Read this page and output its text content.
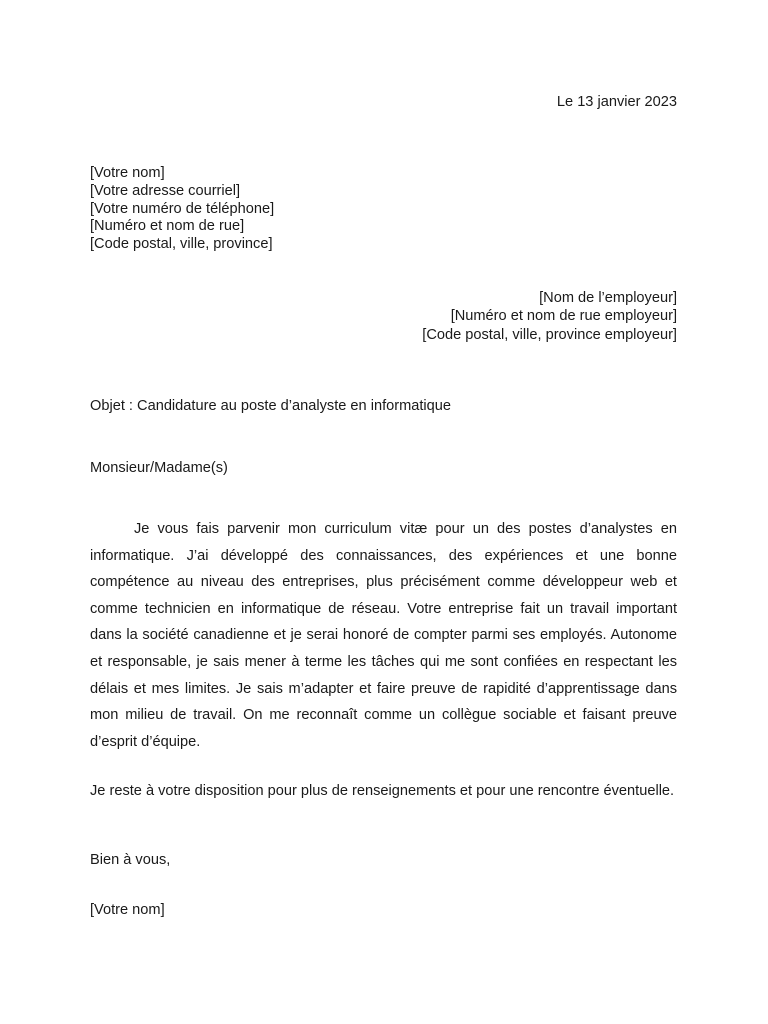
Le 13 janvier 2023
[Votre nom]
[Votre adresse courriel]
[Votre numéro de téléphone]
[Numéro et nom de rue]
[Code postal, ville, province]
[Nom de l’employeur]
[Numéro et nom de rue employeur]
[Code postal, ville, province employeur]
Objet : Candidature au poste d’analyste en informatique
Monsieur/Madame(s)

Je vous fais parvenir mon curriculum vitæ pour un des postes d’analystes en informatique. J’ai développé des connaissances, des expériences et une bonne compétence au niveau des entreprises, plus précisément comme développeur web et comme technicien en informatique de réseau. Votre entreprise fait un travail important dans la société canadienne et je serai honoré de compter parmi ses employés. Autonome et responsable, je sais mener à terme les tâches qui me sont confiées en respectant les délais et mes limites. Je sais m’adapter et faire preuve de rapidité d’apprentissage dans mon milieu de travail. On me reconnaît comme un collègue sociable et faisant preuve d’esprit d’équipe.

Je reste à votre disposition pour plus de renseignements et pour une rencontre éventuelle.

Bien à vous,
[Votre nom]
